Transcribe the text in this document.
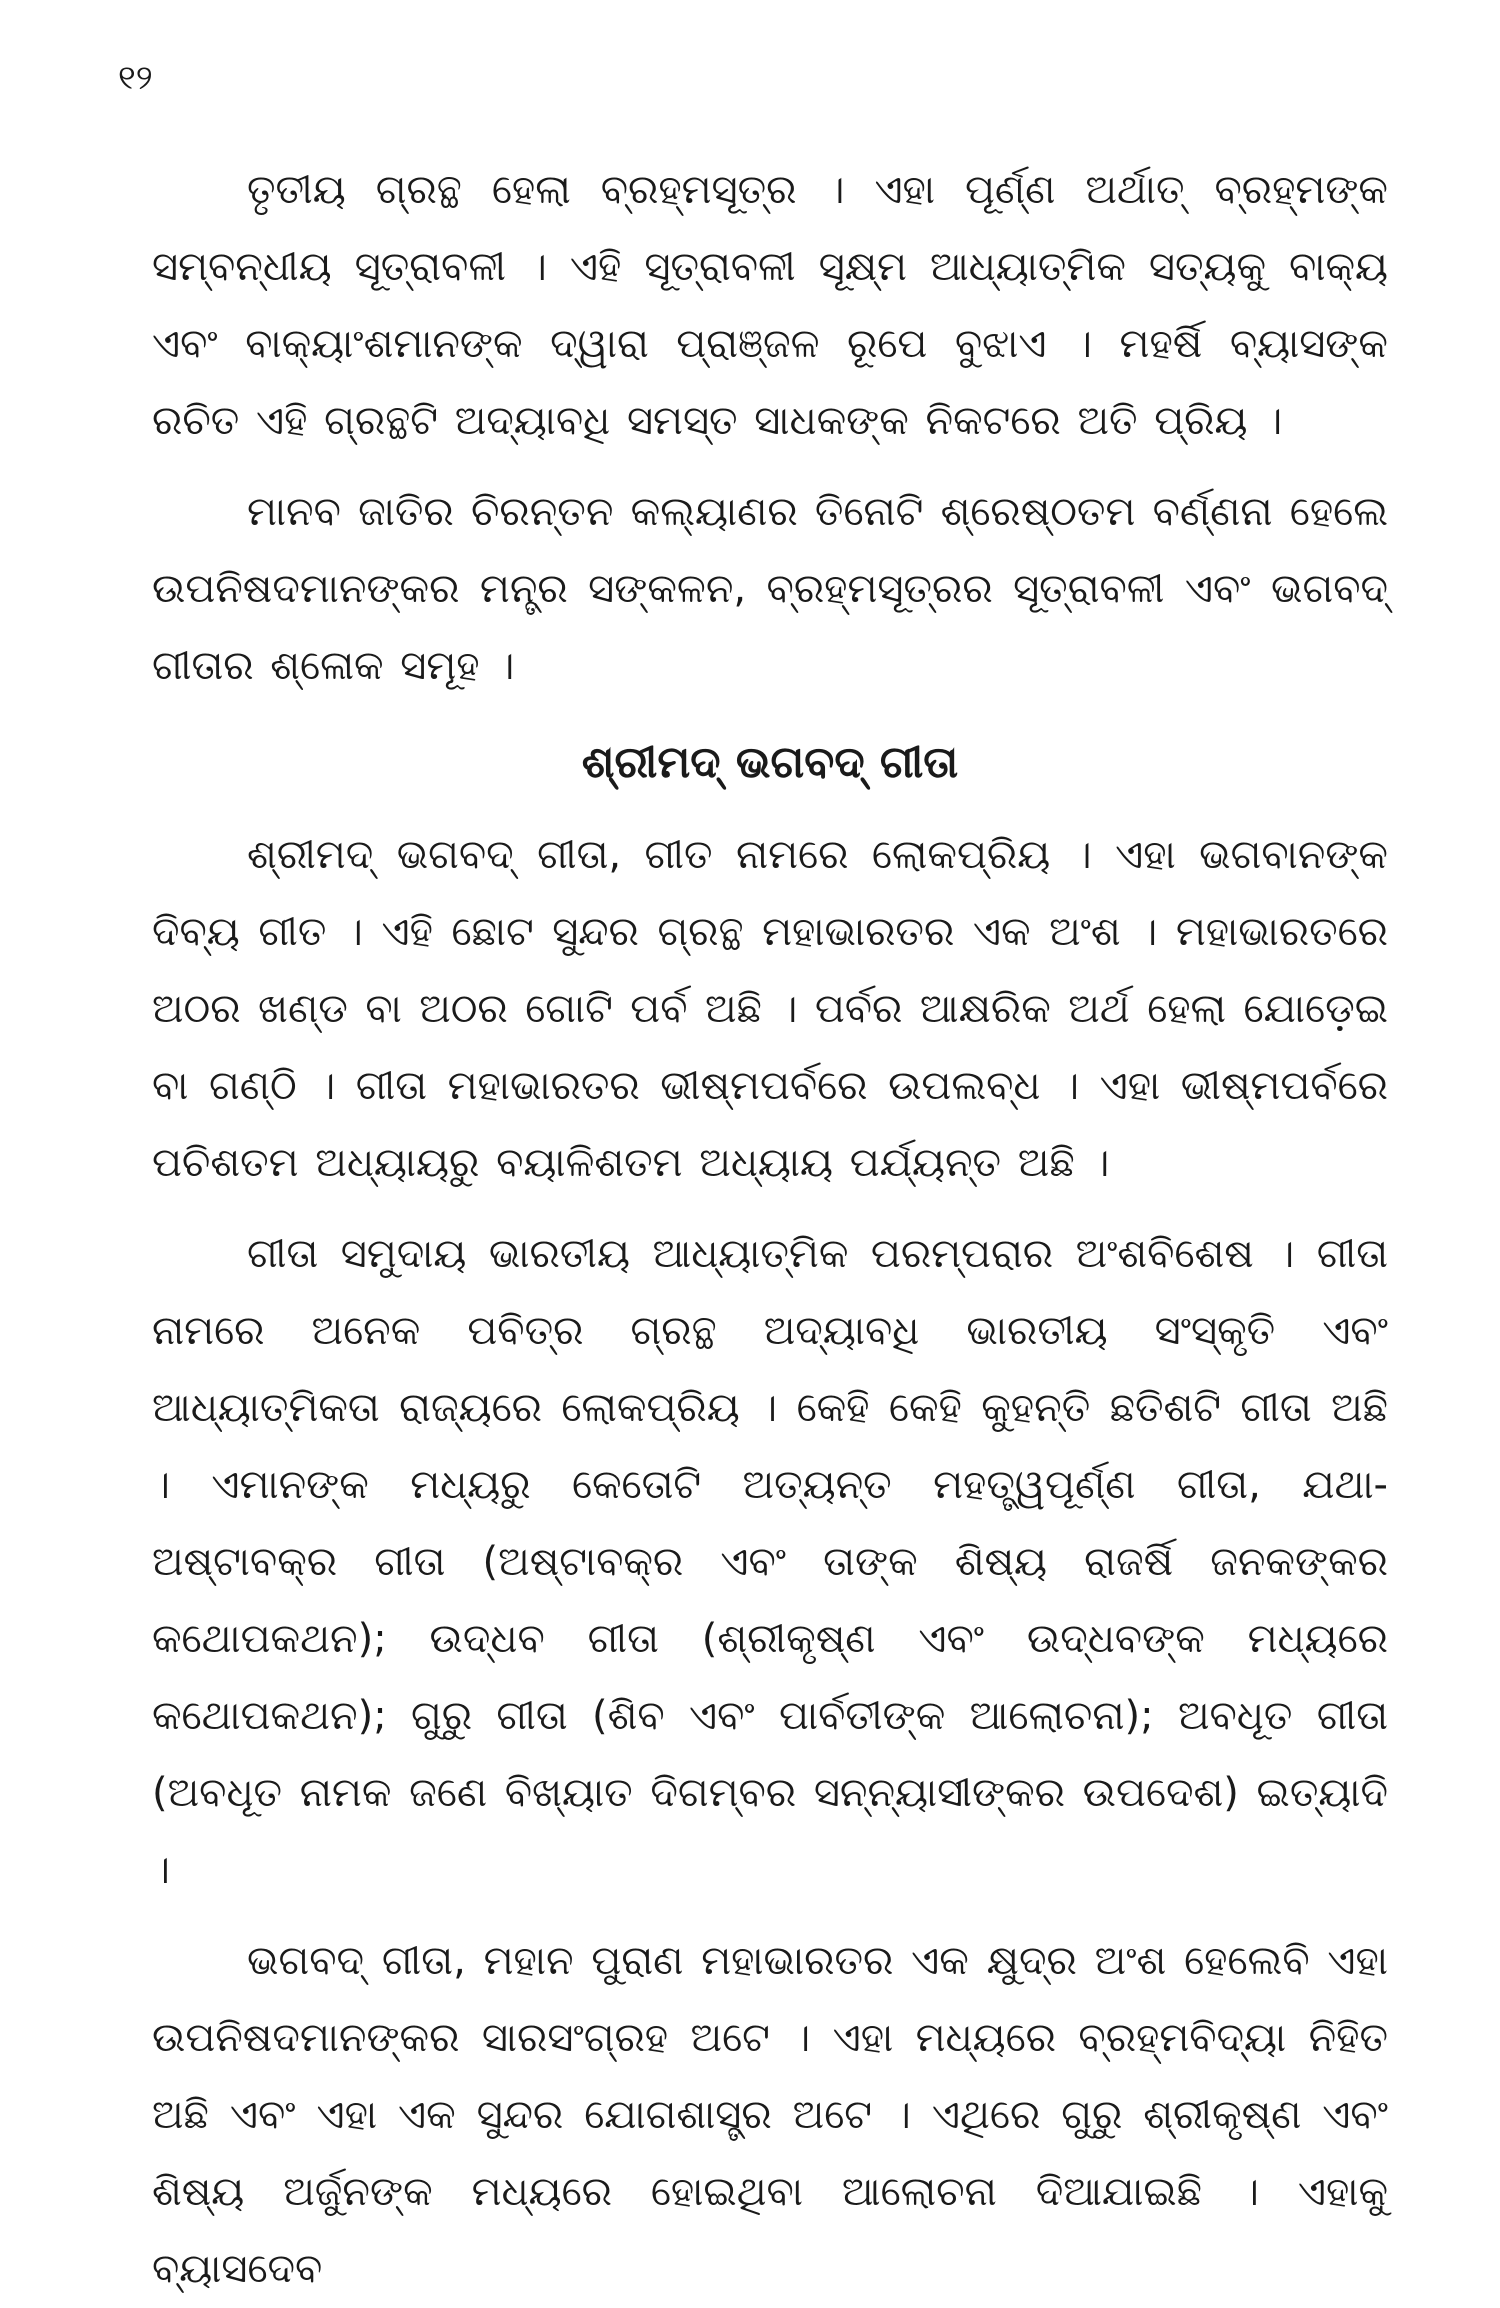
୧୨

ତୃତୀୟ ଗ୍ରନ୍ଥ ହେଲା ବ୍ରହ୍ମସୂତ୍ର । ଏହା ପୂର୍ଣ୍ଣ ଅର୍ଥାତ୍ ବ୍ରହ୍ମଙ୍କ ସମ୍ବନ୍ଧୀୟ ସୂତ୍ରାବଳୀ । ଏହି ସୂତ୍ରାବଳୀ ସୂକ୍ଷ୍ମ ଆଧ୍ୟାତ୍ମିକ ସତ୍ୟକୁ ବାକ୍ୟ ଏବଂ ବାକ୍ୟାଂଶମାନଙ୍କ ଦ୍ୱାରା ପ୍ରାଞ୍ଜଳ ରୂପେ ବୁଝାଏ । ମହର୍ଷି ବ୍ୟାସଙ୍କ ରଚିତ ଏହି ଗ୍ରନ୍ଥଟି ଅଦ୍ୟାବଧି ସମସ୍ତ ସାଧକଙ୍କ ନିକଟରେ ଅତି ପ୍ରିୟ ।

ମାନବ ଜାତିର ଚିରନ୍ତନ କଲ୍ୟାଣର ତିନୋଟି ଶ୍ରେଷ୍ଠତମ ବର୍ଣ୍ଣନା ହେଲେ ଉପନିଷଦମାନଙ୍କର ମନ୍ତ୍ର ସଙ୍କଳନ, ବ୍ରହ୍ମସୂତ୍ରର ସୂତ୍ରାବଳୀ ଏବଂ ଭଗବଦ୍ ଗୀତାର ଶ୍ଳୋକ ସମୂହ ।

ଶ୍ରୀମଦ୍ ଭଗବଦ୍ ଗୀତା

ଶ୍ରୀମଦ୍ ଭଗବଦ୍ ଗୀତା, ଗୀତ ନାମରେ ଲୋକପ୍ରିୟ । ଏହା ଭଗବାନଙ୍କ ଦିବ୍ୟ ଗୀତ । ଏହି ଛୋଟ ସୁନ୍ଦର ଗ୍ରନ୍ଥ ମହାଭାରତର ଏକ ଅଂଶ । ମହାଭାରତରେ ଅଠର ଖଣ୍ଡ ବା ଅଠର ଗୋଟି ପର୍ବ ଅଛି । ପର୍ବର ଆକ୍ଷରିକ ଅର୍ଥ ହେଲା ଯୋଡ଼େଇ ବା ଗଣ୍ଠି । ଗୀତା ମହାଭାରତର ଭୀଷ୍ମପର୍ବରେ ଉପଲବ୍ଧ । ଏହା ଭୀଷ୍ମପର୍ବରେ ପଚିଶତମ ଅଧ୍ୟାୟରୁ ବୟାଳିଶତମ ଅଧ୍ୟାୟ ପର୍ଯ୍ୟନ୍ତ ଅଛି ।

ଗୀତା ସମୁଦାୟ ଭାରତୀୟ ଆଧ୍ୟାତ୍ମିକ ପରମ୍ପରାର ଅଂଶବିଶେଷ । ଗୀତା ନାମରେ ଅନେକ ପବିତ୍ର ଗ୍ରନ୍ଥ ଅଦ୍ୟାବଧି ଭାରତୀୟ ସଂସ୍କୃତି ଏବଂ ଆଧ୍ୟାତ୍ମିକତା ରାଜ୍ୟରେ ଲୋକପ୍ରିୟ । କେହି କେହି କୁହନ୍ତି ଛତିଶଟି ଗୀତା ଅଛି । ଏମାନଙ୍କ ମଧ୍ୟରୁ କେତୋଟି ଅତ୍ୟନ୍ତ ମହତ୍ତ୍ୱପୂର୍ଣ୍ଣ ଗୀତା, ଯଥା- ଅଷ୍ଟାବକ୍ର ଗୀତା (ଅଷ୍ଟାବକ୍ର ଏବଂ ତାଙ୍କ ଶିଷ୍ୟ ରାଜର୍ଷି ଜନକଙ୍କର କଥୋପକଥନ); ଉଦ୍ଧବ ଗୀତା (ଶ୍ରୀକୃଷ୍ଣ ଏବଂ ଉଦ୍ଧବଙ୍କ ମଧ୍ୟରେ କଥୋପକଥନ); ଗୁରୁ ଗୀତା (ଶିବ ଏବଂ ପାର୍ବତୀଙ୍କ ଆଲୋଚନା); ଅବଧୂତ ଗୀତା (ଅବଧୂତ ନାମକ ଜଣେ ବିଖ୍ୟାତ ଦିଗମ୍ବର ସନ୍ନ୍ୟାସୀଙ୍କର ଉପଦେଶ) ଇତ୍ୟାଦି ।

ଭଗବଦ୍ ଗୀତା, ମହାନ ପୁରାଣ ମହାଭାରତର ଏକ କ୍ଷୁଦ୍ର ଅଂଶ ହେଲେବି ଏହା ଉପନିଷଦମାନଙ୍କର ସାରସଂଗ୍ରହ ଅଟେ । ଏହା ମଧ୍ୟରେ ବ୍ରହ୍ମବିଦ୍ୟା ନିହିତ ଅଛି ଏବଂ ଏହା ଏକ ସୁନ୍ଦର ଯୋଗଶାସ୍ତ୍ର ଅଟେ । ଏଥିରେ ଗୁରୁ ଶ୍ରୀକୃଷ୍ଣ ଏବଂ ଶିଷ୍ୟ ଅର୍ଜୁନଙ୍କ ମଧ୍ୟରେ ହୋଇଥିବା ଆଲୋଚନା ଦିଆଯାଇଛି । ଏହାକୁ ବ୍ୟାସଦେବ
